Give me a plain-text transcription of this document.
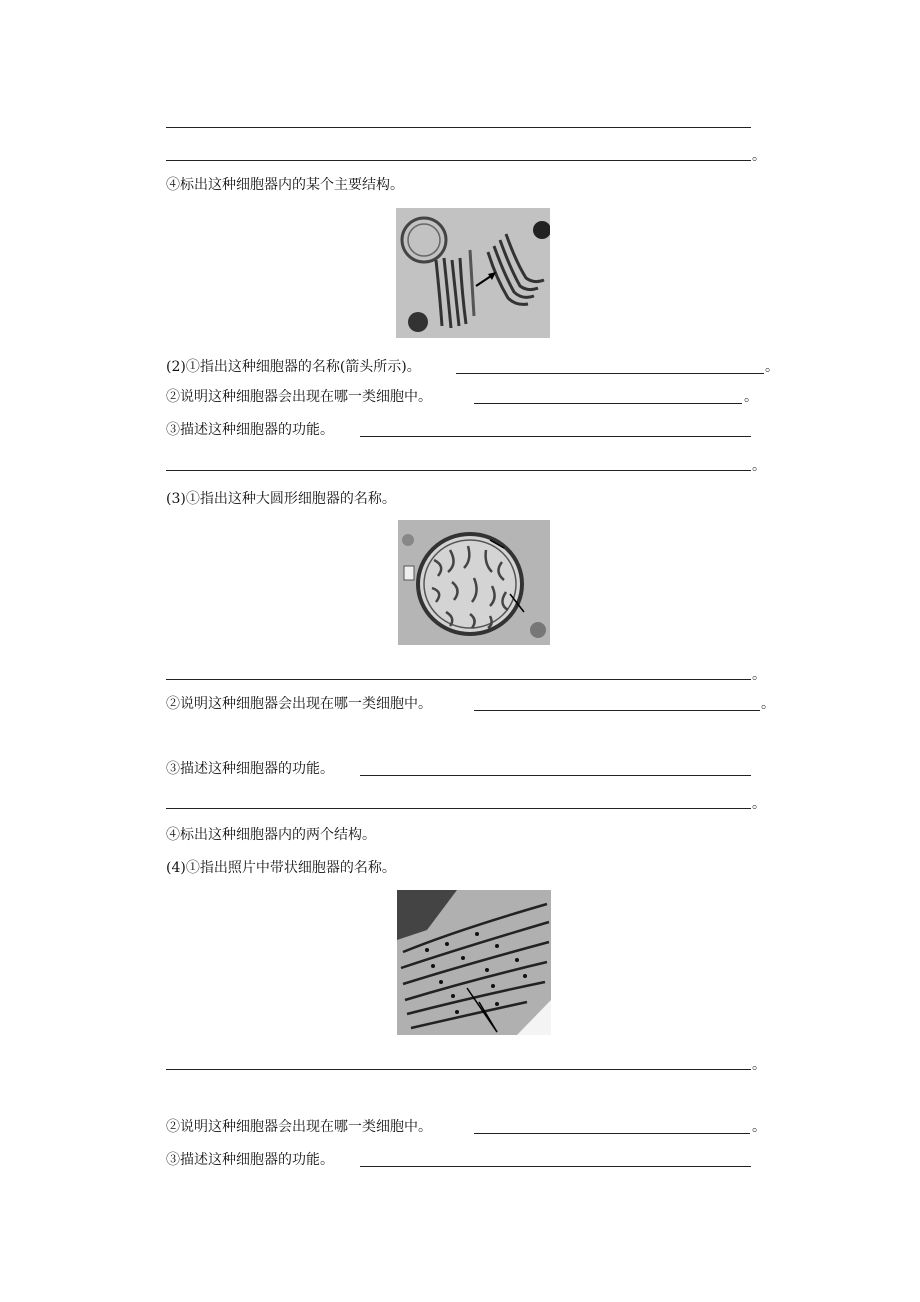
。
④标出这种细胞器内的某个主要结构。
(2)①指出这种细胞器的名称(箭头所示)。	。
②说明这种细胞器会出现在哪一类细胞中。	。
③描述这种细胞器的功能。
。
(3)①指出这种大圆形细胞器的名称。
。
②说明这种细胞器会出现在哪一类细胞中。	。
③描述这种细胞器的功能。
。
④标出这种细胞器内的两个结构。
(4)①指出照片中带状细胞器的名称。
。
②说明这种细胞器会出现在哪一类细胞中。	。
③描述这种细胞器的功能。
